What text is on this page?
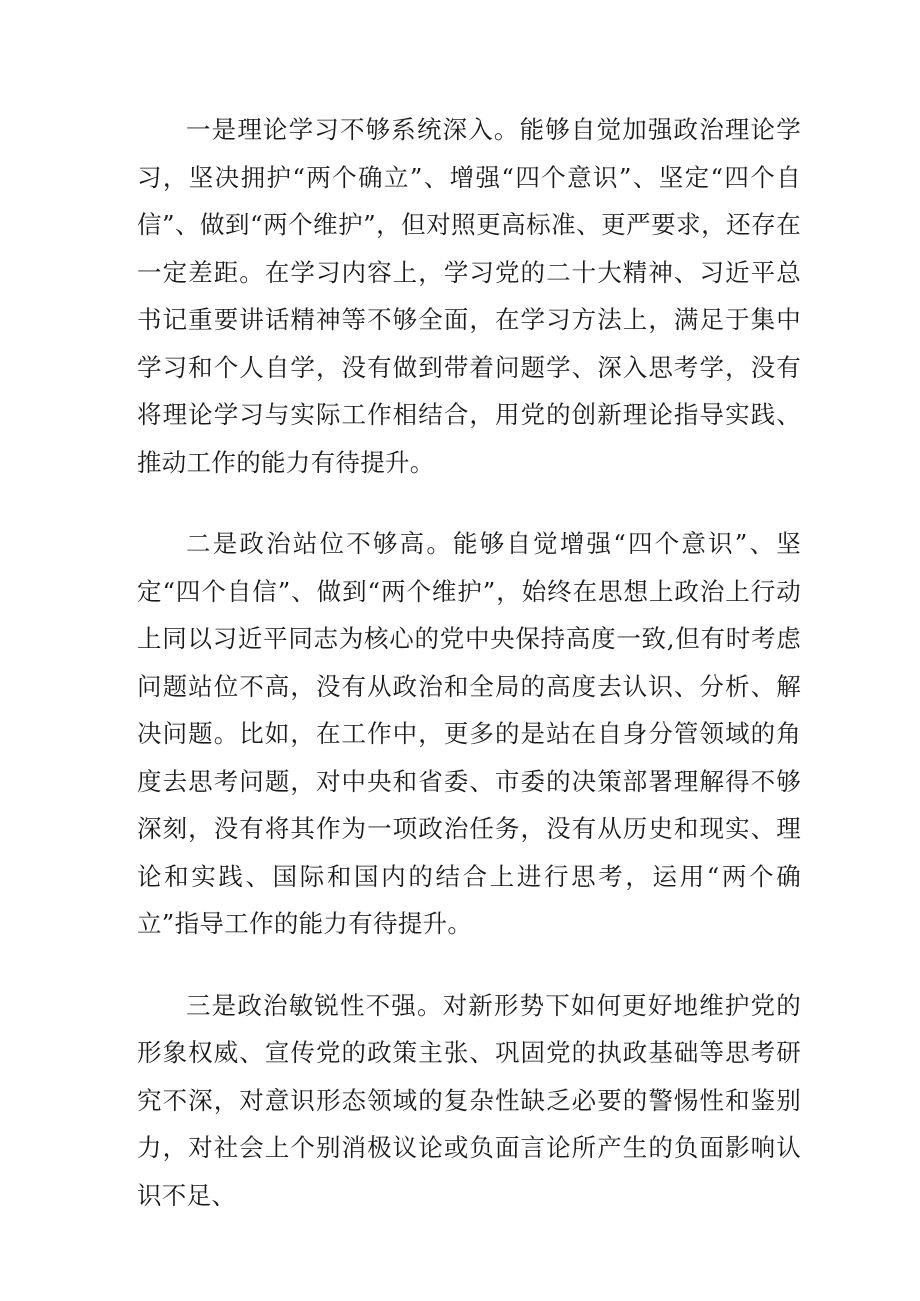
一是理论学习不够系统深入。能够自觉加强政治理论学习，坚决拥护“两个确立”、增强“四个意识”、坚定“四个自信”、做到“两个维护”，但对照更高标准、更严要求，还存在一定差距。在学习内容上，学习党的二十大精神、习近平总书记重要讲话精神等不够全面，在学习方法上，满足于集中学习和个人自学，没有做到带着问题学、深入思考学，没有将理论学习与实际工作相结合，用党的创新理论指导实践、推动工作的能力有待提升。

二是政治站位不够高。能够自觉增强“四个意识”、坚定“四个自信”、做到“两个维护”，始终在思想上政治上行动上同以习近平同志为核心的党中央保持高度一致,但有时考虑问题站位不高，没有从政治和全局的高度去认识、分析、解决问题。比如，在工作中，更多的是站在自身分管领域的角度去思考问题，对中央和省委、市委的决策部署理解得不够深刻，没有将其作为一项政治任务，没有从历史和现实、理论和实践、国际和国内的结合上进行思考，运用“两个确立”指导工作的能力有待提升。

三是政治敏锐性不强。对新形势下如何更好地维护党的形象权威、宣传党的政策主张、巩固党的执政基础等思考研究不深，对意识形态领域的复杂性缺乏必要的警惕性和鉴别力，对社会上个别消极议论或负面言论所产生的负面影响认识不足、
